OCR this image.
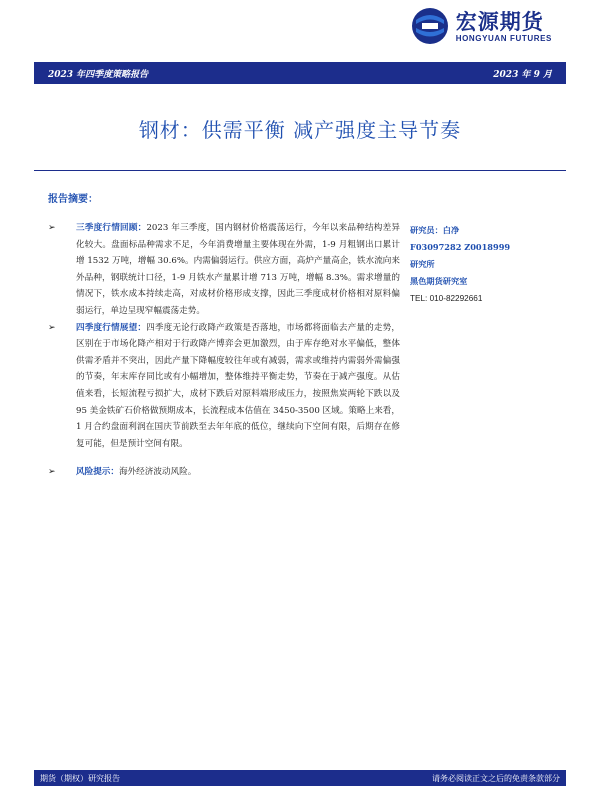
宏源期货
HONGYUAN FUTURES
2023 年四季度策略报告	2023 年 9 月
钢材：供需平衡 减产强度主导节奏
报告摘要：
➢ 三季度行情回顾：2023 年三季度，国内钢材价格震荡运行，今年以来品种结构差异化较大。盘面标品种需求不足，今年消费增量主要体现在外需，1-9 月粗钢出口累计增 1532 万吨，增幅 30.6%。内需偏弱运行。供应方面，高炉产量高企，铁水流向来外品种，钢联统计口径，1-9 月铁水产量累计增 713 万吨，增幅 8.3%。需求增量的情况下，铁水成本持续走高，对成材价格形成支撑，因此三季度成材价格相对原料偏弱运行，单边呈现窄幅震荡走势。
➢ 四季度行情展望：四季度无论行政降产政策是否落地，市场都将面临去产量的走势，区别在于市场化降产相对于行政降产博弈会更加激烈，由于库存绝对水平偏低，整体供需矛盾并不突出，因此产量下降幅度较往年或有减弱，需求或维持内需弱外需偏强的节奏，年末库存同比或有小幅增加，整体维持平衡走势，节奏在于减产强度。从估值来看，长短流程亏损扩大，成材下跌后对原料端形成压力，按照焦炭两轮下跌以及 95 美金铁矿石价格做预期成本，长流程成本估值在 3450-3500 区域。策略上来看，1 月合约盘面利润在国庆节前跌至去年年底的低位，继续向下空间有限，后期存在修复可能，但是预计空间有限。
➢ 风险提示：海外经济波动风险。
研究员：白净
F03097282 Z0018999
研究所
黑色期货研究室
TEL: 010-82292661
期货（期权）研究报告	请务必阅读正文之后的免责条款部分
